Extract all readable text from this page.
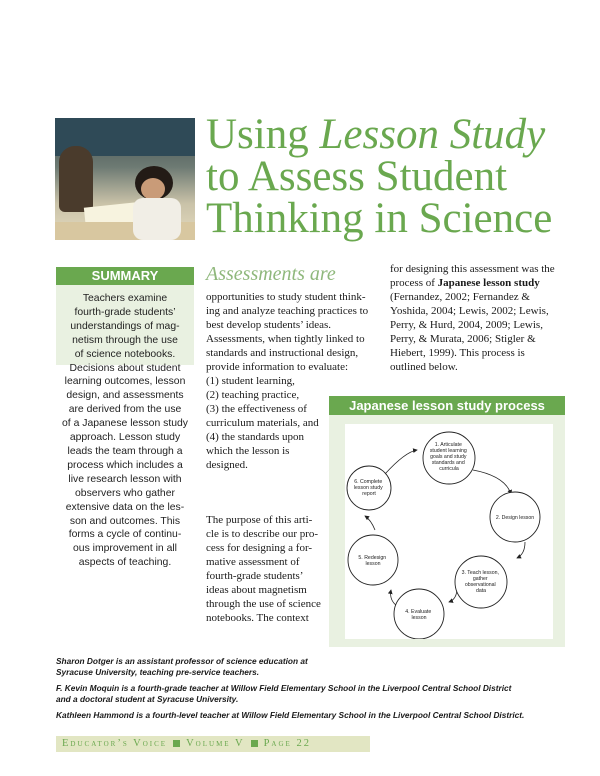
Using Lesson Study
to Assess Student
Thinking in Science
SUMMARY
Teachers examine
fourth-grade students’
understandings of mag-
netism through the use
of science notebooks.
Decisions about student
learning outcomes, lesson
design, and assessments
are derived from the use
of a Japanese lesson study
approach. Lesson study
leads the team through a
process which includes a
live research lesson with
observers who gather
extensive data on the les-
son and outcomes. This
forms a cycle of continu-
ous improvement in all
aspects of teaching.
Assessments are
opportunities to study student think-
ing and analyze teaching practices to
best develop students’ ideas.
Assessments, when tightly linked to
standards and instructional design,
provide information to evaluate:
(1) student learning,
(2) teaching practice,
(3) the effectiveness of
curriculum materials, and
(4) the standards upon
which the lesson is
designed.
The purpose of this arti-
cle is to describe our pro-
cess for designing a for-
mative assessment of
fourth-grade students’
ideas about magnetism
through the use of science
notebooks. The context
for designing this assessment was the
process of Japanese lesson study
(Fernandez, 2002; Fernandez &
Yoshida, 2004; Lewis, 2002; Lewis,
Perry, & Hurd, 2004, 2009; Lewis,
Perry, & Murata, 2006; Stigler &
Hiebert, 1999). This process is
outlined below.
Japanese lesson study process
1. Articulate student learning goals and study standards and curricula
2. Design lesson
3. Teach lesson, gather observational data
4. Evaluate lesson
5. Redesign lesson
6. Complete lesson study report

Sharon Dotger is an assistant professor of science education at
Syracuse University, teaching pre-service teachers.

F. Kevin Moquin is a fourth-grade teacher at Willow Field Elementary School in the Liverpool Central School District
and a doctoral student at Syracuse University.

Kathleen Hammond is a fourth-level teacher at Willow Field Elementary School in the Liverpool Central School District.

Educator’s Voice Volume V Page 22
